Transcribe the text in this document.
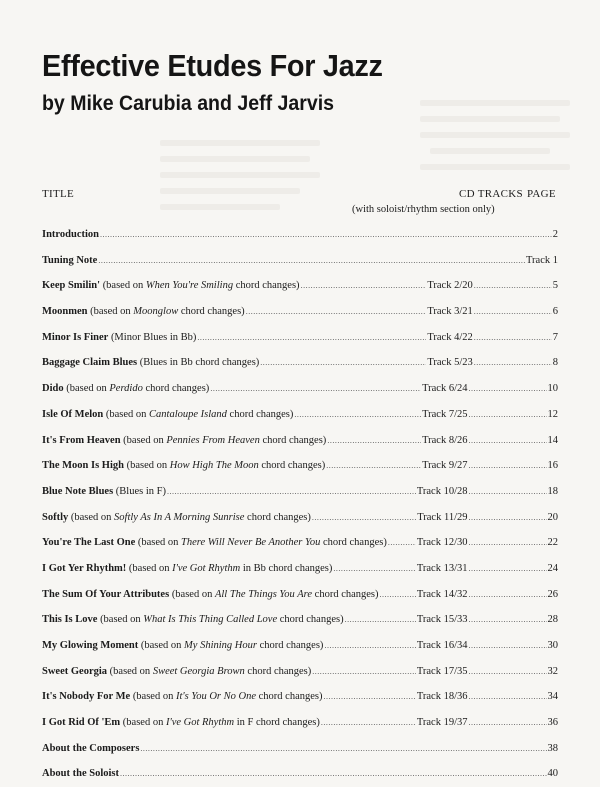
Effective Etudes For Jazz
by Mike Carubia and Jeff Jarvis
TITLE	CD TRACKS PAGE
(with soloist/rhythm section only)
Introduction .....	2
Tuning Note .....	Track 1
Keep Smilin' (based on When You're Smiling chord changes) .....	Track 2/20 .....	5
Moonmen (based on Moonglow chord changes) .....	Track 3/21 .....	6
Minor Is Finer (Minor Blues in Bb) .....	Track 4/22 .....	7
Baggage Claim Blues (Blues in Bb chord changes) .....	Track 5/23 .....	8
Dido (based on Perdido chord changes) .....	Track 6/24 .....	10
Isle Of Melon (based on Cantaloupe Island chord changes) .....	Track 7/25 .....	12
It's From Heaven (based on Pennies From Heaven chord changes) .....	Track 8/26 .....	14
The Moon Is High (based on How High The Moon chord changes) .....	Track 9/27 .....	16
Blue Note Blues (Blues in F) .....	Track 10/28 .....	18
Softly (based on Softly As In A Morning Sunrise chord changes) .....	Track 11/29 .....	20
You're The Last One (based on There Will Never Be Another You chord changes) .....	Track 12/30 .....	22
I Got Yer Rhythm! (based on I've Got Rhythm in Bb chord changes) .....	Track 13/31 .....	24
The Sum Of Your Attributes (based on All The Things You Are chord changes) .....	Track 14/32 .....	26
This Is Love (based on What Is This Thing Called Love chord changes) .....	Track 15/33 .....	28
My Glowing Moment (based on My Shining Hour chord changes) .....	Track 16/34 .....	30
Sweet Georgia (based on Sweet Georgia Brown chord changes) .....	Track 17/35 .....	32
It's Nobody For Me (based on It's You Or No One chord changes) .....	Track 18/36 .....	34
I Got Rid Of 'Em (based on I've Got Rhythm in F chord changes) .....	Track 19/37 .....	36
About the Composers .....	38
About the Soloist .....	40
